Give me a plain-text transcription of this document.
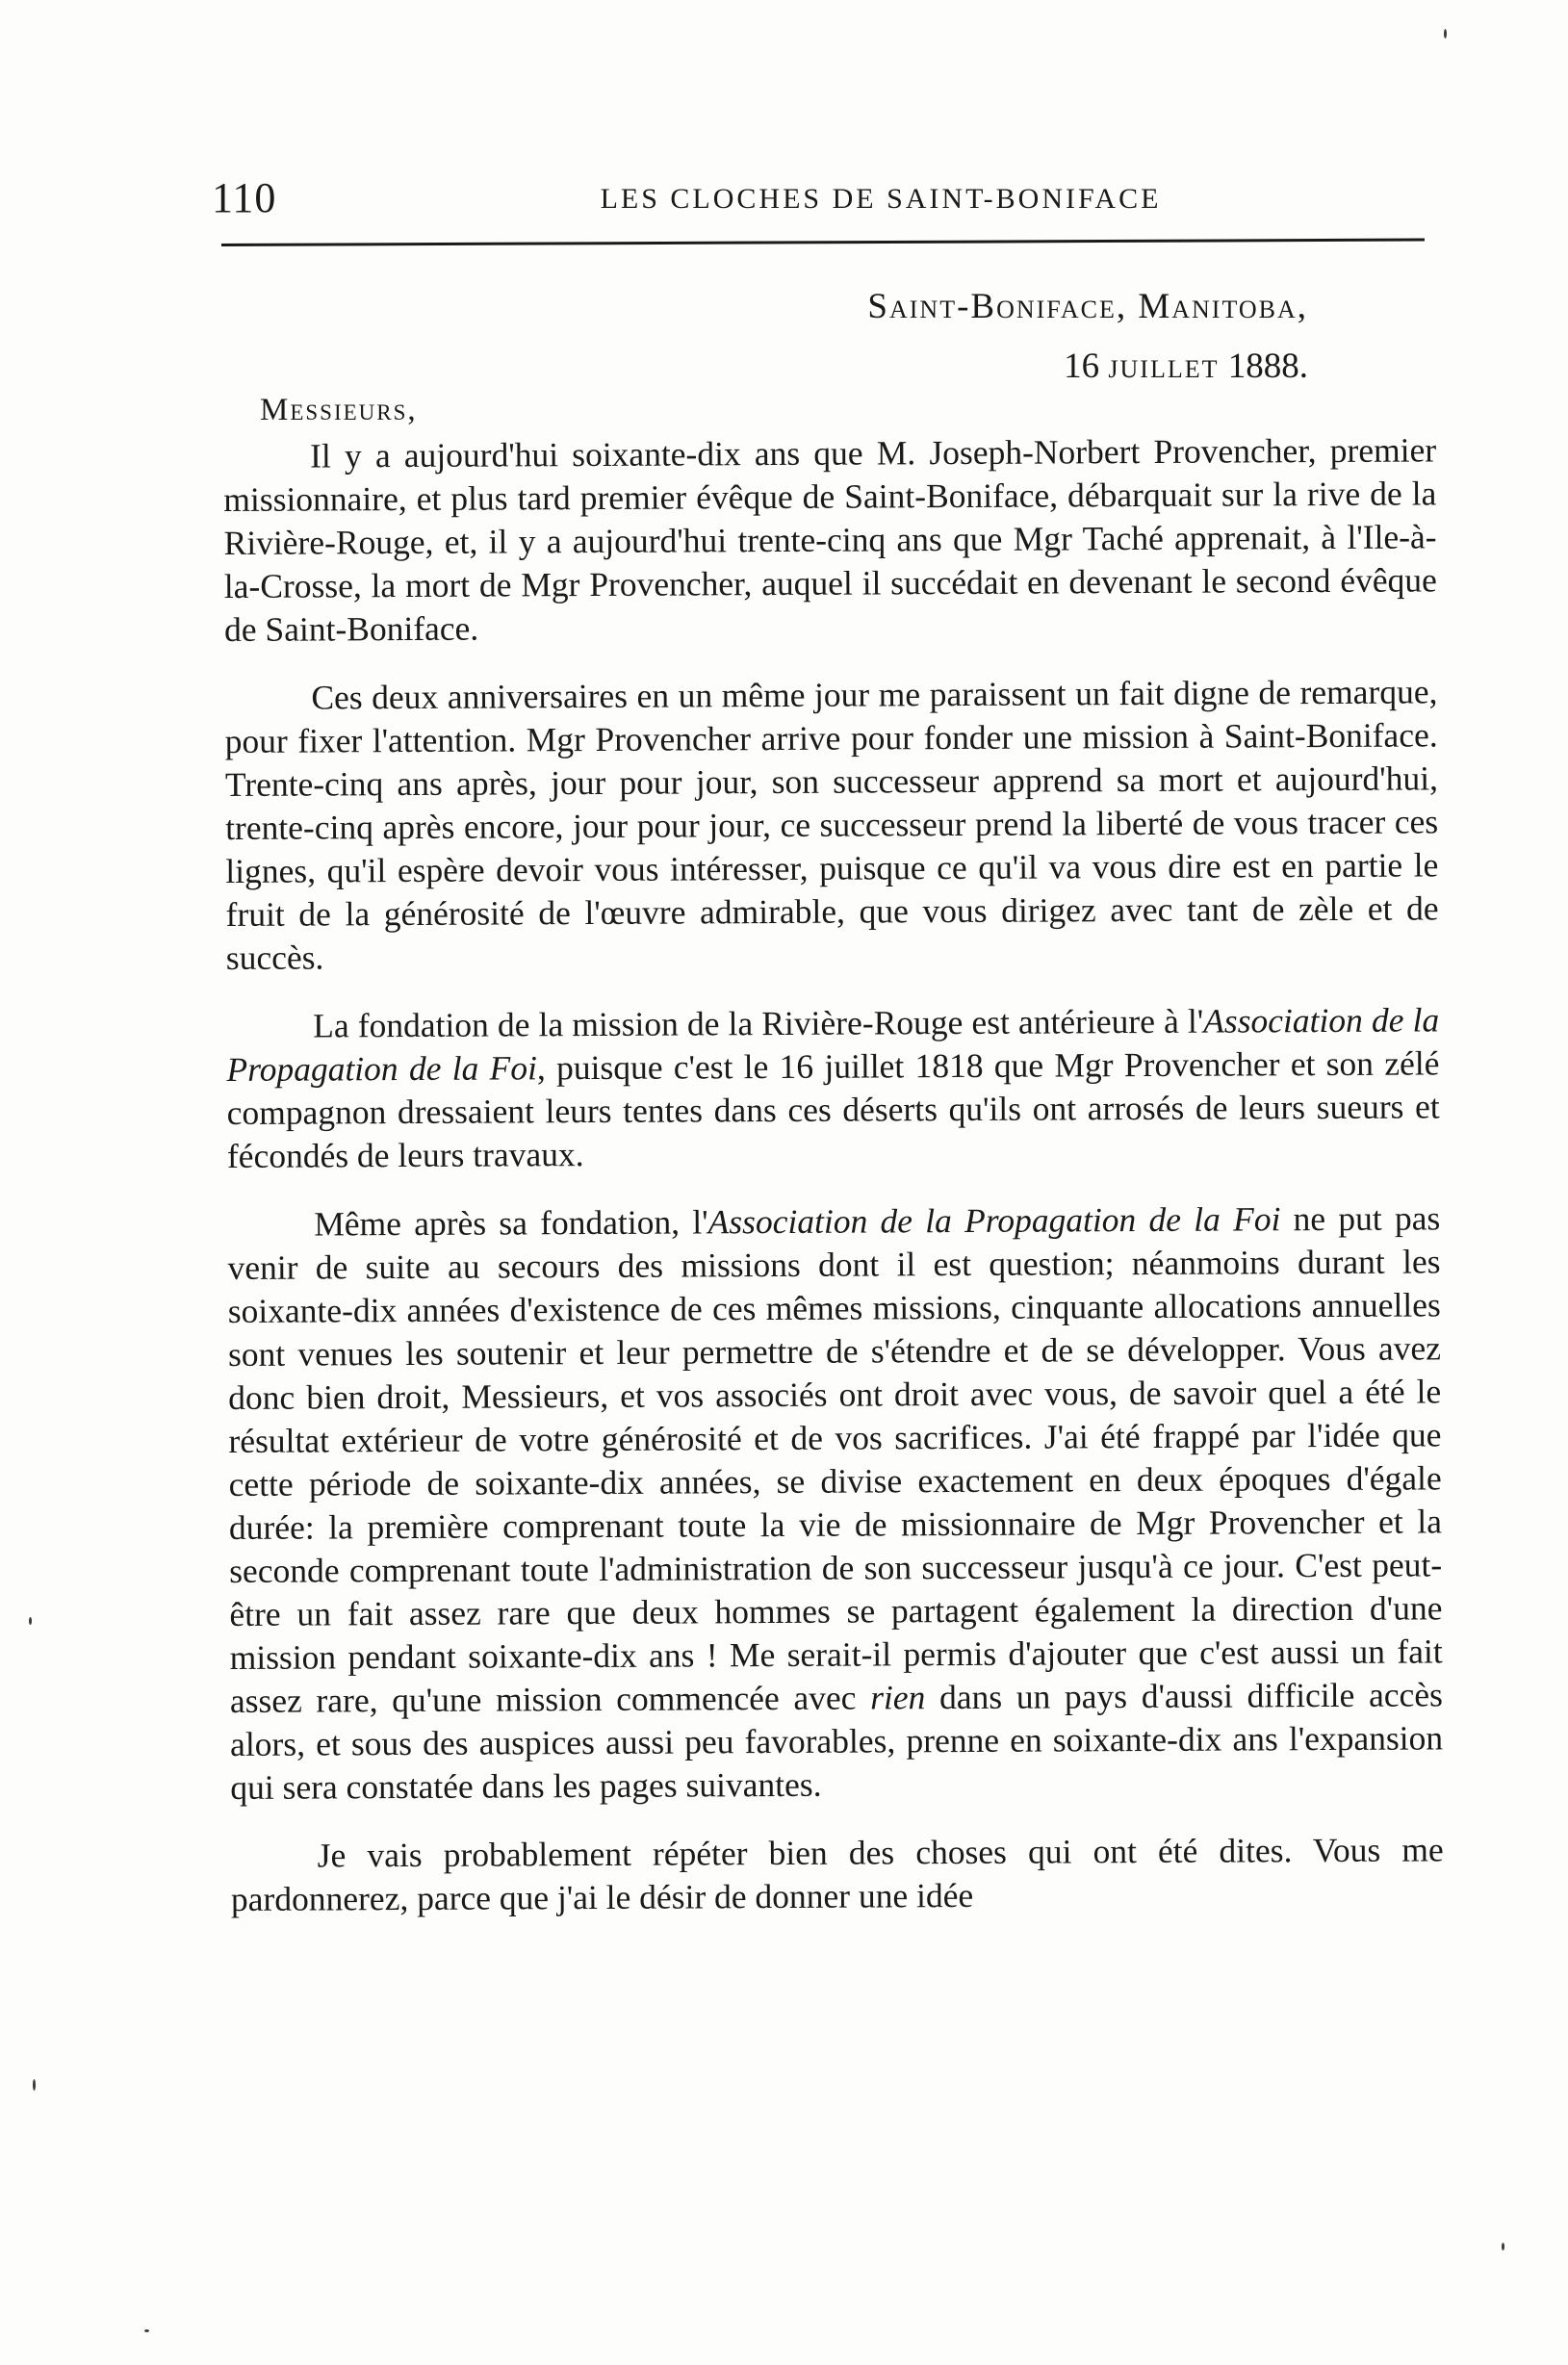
110	LES CLOCHES DE SAINT-BONIFACE
Saint-Boniface, Manitoba,
16 juillet 1888.
Messieurs,

Il y a aujourd'hui soixante-dix ans que M. Joseph-Norbert Provencher, premier missionnaire, et plus tard premier évêque de Saint-Boniface, débarquait sur la rive de la Rivière-Rouge, et, il y a aujourd'hui trente-cinq ans que Mgr Taché apprenait, à l'Ile-à-la-Crosse, la mort de Mgr Provencher, auquel il succédait en devenant le second évêque de Saint-Boniface.

Ces deux anniversaires en un même jour me paraissent un fait digne de remarque, pour fixer l'attention. Mgr Provencher arrive pour fonder une mission à Saint-Boniface. Trente-cinq ans après, jour pour jour, son successeur apprend sa mort et aujourd'hui, trente-cinq après encore, jour pour jour, ce successeur prend la liberté de vous tracer ces lignes, qu'il espère devoir vous intéresser, puisque ce qu'il va vous dire est en partie le fruit de la générosité de l'œuvre admirable, que vous dirigez avec tant de zèle et de succès.

La fondation de la mission de la Rivière-Rouge est antérieure à l'Association de la Propagation de la Foi, puisque c'est le 16 juillet 1818 que Mgr Provencher et son zélé compagnon dressaient leurs tentes dans ces déserts qu'ils ont arrosés de leurs sueurs et fécondés de leurs travaux.

Même après sa fondation, l'Association de la Propagation de la Foi ne put pas venir de suite au secours des missions dont il est question; néanmoins durant les soixante-dix années d'existence de ces mêmes missions, cinquante allocations annuelles sont venues les soutenir et leur permettre de s'étendre et de se développer. Vous avez donc bien droit, Messieurs, et vos associés ont droit avec vous, de savoir quel a été le résultat extérieur de votre générosité et de vos sacrifices. J'ai été frappé par l'idée que cette période de soixante-dix années, se divise exactement en deux époques d'égale durée: la première comprenant toute la vie de missionnaire de Mgr Provencher et la seconde comprenant toute l'administration de son successeur jusqu'à ce jour. C'est peut-être un fait assez rare que deux hommes se partagent également la direction d'une mission pendant soixante-dix ans ! Me serait-il permis d'ajouter que c'est aussi un fait assez rare, qu'une mission commencée avec rien dans un pays d'aussi difficile accès alors, et sous des auspices aussi peu favorables, prenne en soixante-dix ans l'expansion qui sera constatée dans les pages suivantes.

Je vais probablement répéter bien des choses qui ont été dites. Vous me pardonnerez, parce que j'ai le désir de donner une idée
